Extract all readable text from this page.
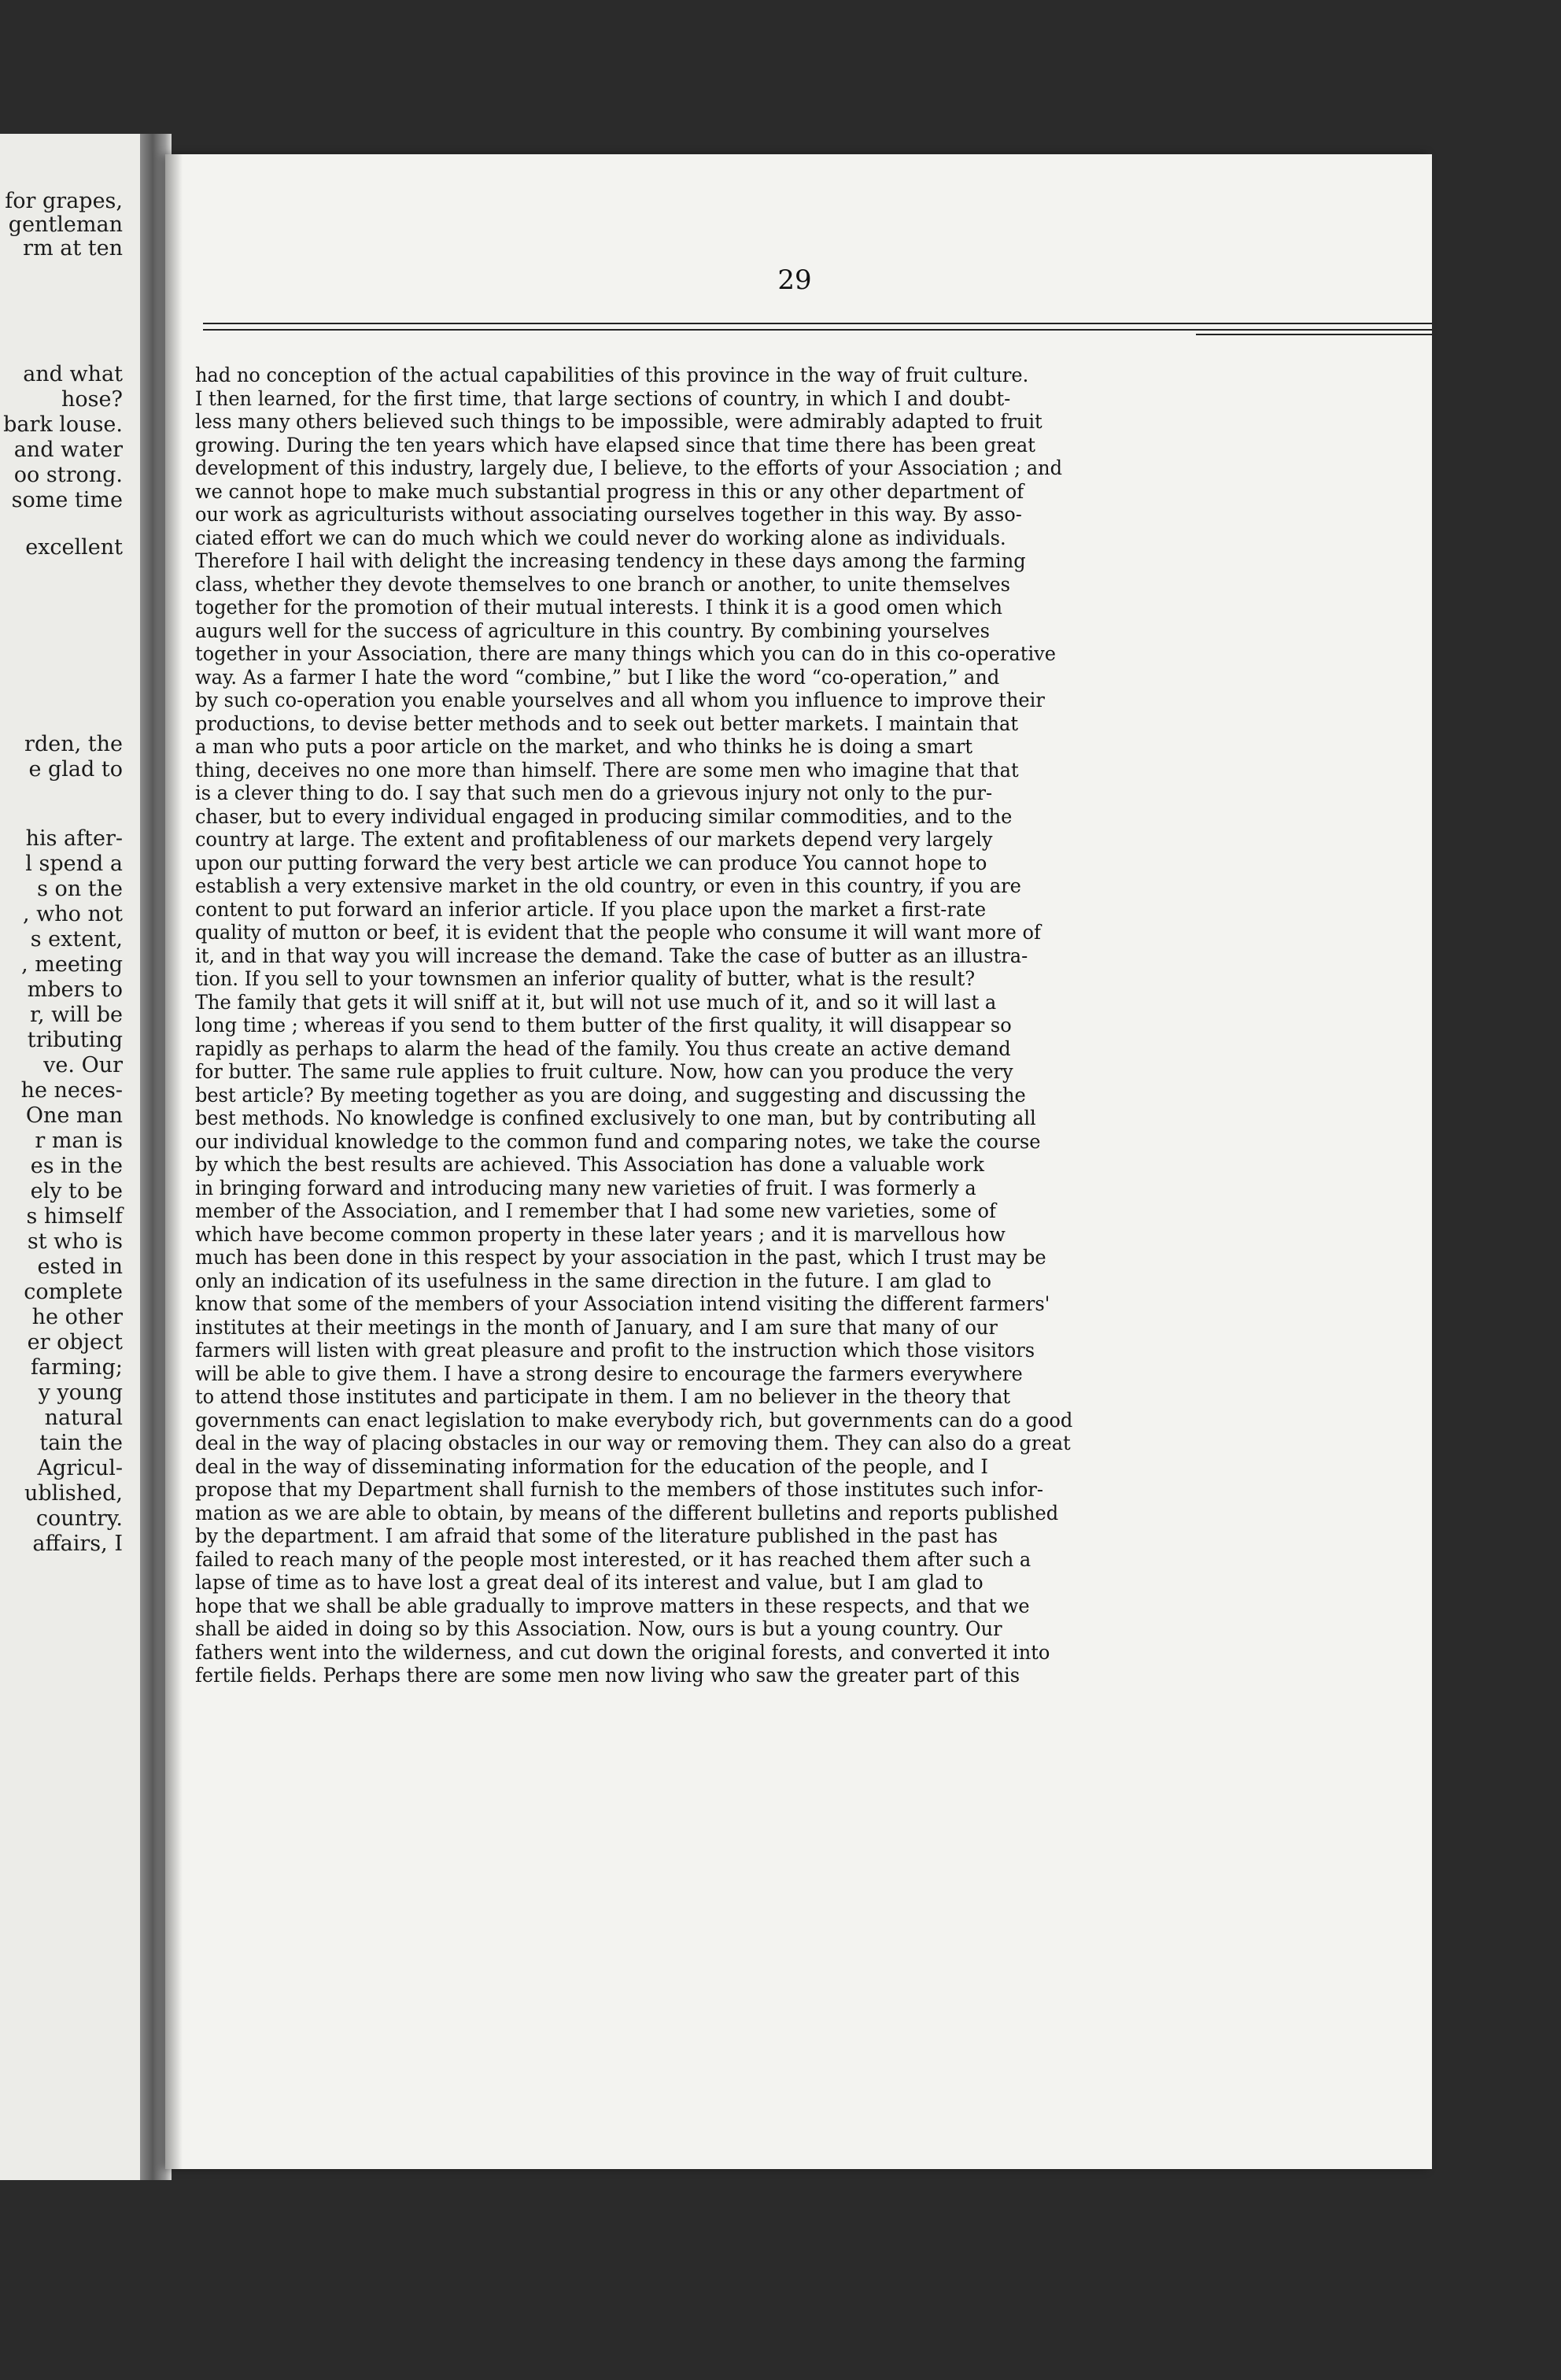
for grapes,
gentleman
rm at ten
and what
hose?
bark louse.
and water
oo strong.
some time
excellent
rden, the
e glad to
his after-
l spend a
s on the
, who not
s extent,
, meeting
mbers to
r, will be
tributing
ve. Our
he neces-
One man
r man is
es in the
ely to be
s himself
st who is
ested in
complete
he other
er object
farming;
y young
natural
tain the
Agricul-
ublished,
country.
affairs, I
29
had no conception of the actual capabilities of this province in the way of fruit culture.
I then learned, for the first time, that large sections of country, in which I and doubt-
less many others believed such things to be impossible, were admirably adapted to fruit
growing. During the ten years which have elapsed since that time there has been great
development of this industry, largely due, I believe, to the efforts of your Association ; and
we cannot hope to make much substantial progress in this or any other department of
our work as agriculturists without associating ourselves together in this way. By asso-
ciated effort we can do much which we could never do working alone as individuals.
Therefore I hail with delight the increasing tendency in these days among the farming
class, whether they devote themselves to one branch or another, to unite themselves
together for the promotion of their mutual interests. I think it is a good omen which
augurs well for the success of agriculture in this country. By combining yourselves
together in your Association, there are many things which you can do in this co-operative
way. As a farmer I hate the word “combine,” but I like the word “co-operation,” and
by such co-operation you enable yourselves and all whom you influence to improve their
productions, to devise better methods and to seek out better markets. I maintain that
a man who puts a poor article on the market, and who thinks he is doing a smart
thing, deceives no one more than himself. There are some men who imagine that that
is a clever thing to do. I say that such men do a grievous injury not only to the pur-
chaser, but to every individual engaged in producing similar commodities, and to the
country at large. The extent and profitableness of our markets depend very largely
upon our putting forward the very best article we can produce You cannot hope to
establish a very extensive market in the old country, or even in this country, if you are
content to put forward an inferior article. If you place upon the market a first-rate
quality of mutton or beef, it is evident that the people who consume it will want more of
it, and in that way you will increase the demand. Take the case of butter as an illustra-
tion. If you sell to your townsmen an inferior quality of butter, what is the result?
The family that gets it will sniff at it, but will not use much of it, and so it will last a
long time ; whereas if you send to them butter of the first quality, it will disappear so
rapidly as perhaps to alarm the head of the family. You thus create an active demand
for butter. The same rule applies to fruit culture. Now, how can you produce the very
best article? By meeting together as you are doing, and suggesting and discussing the
best methods. No knowledge is confined exclusively to one man, but by contributing all
our individual knowledge to the common fund and comparing notes, we take the course
by which the best results are achieved. This Association has done a valuable work
in bringing forward and introducing many new varieties of fruit. I was formerly a
member of the Association, and I remember that I had some new varieties, some of
which have become common property in these later years ; and it is marvellous how
much has been done in this respect by your association in the past, which I trust may be
only an indication of its usefulness in the same direction in the future. I am glad to
know that some of the members of your Association intend visiting the different farmers'
institutes at their meetings in the month of January, and I am sure that many of our
farmers will listen with great pleasure and profit to the instruction which those visitors
will be able to give them. I have a strong desire to encourage the farmers everywhere
to attend those institutes and participate in them. I am no believer in the theory that
governments can enact legislation to make everybody rich, but governments can do a good
deal in the way of placing obstacles in our way or removing them. They can also do a great
deal in the way of disseminating information for the education of the people, and I
propose that my Department shall furnish to the members of those institutes such infor-
mation as we are able to obtain, by means of the different bulletins and reports published
by the department. I am afraid that some of the literature published in the past has
failed to reach many of the people most interested, or it has reached them after such a
lapse of time as to have lost a great deal of its interest and value, but I am glad to
hope that we shall be able gradually to improve matters in these respects, and that we
shall be aided in doing so by this Association. Now, ours is but a young country. Our
fathers went into the wilderness, and cut down the original forests, and converted it into
fertile fields. Perhaps there are some men now living who saw the greater part of this
